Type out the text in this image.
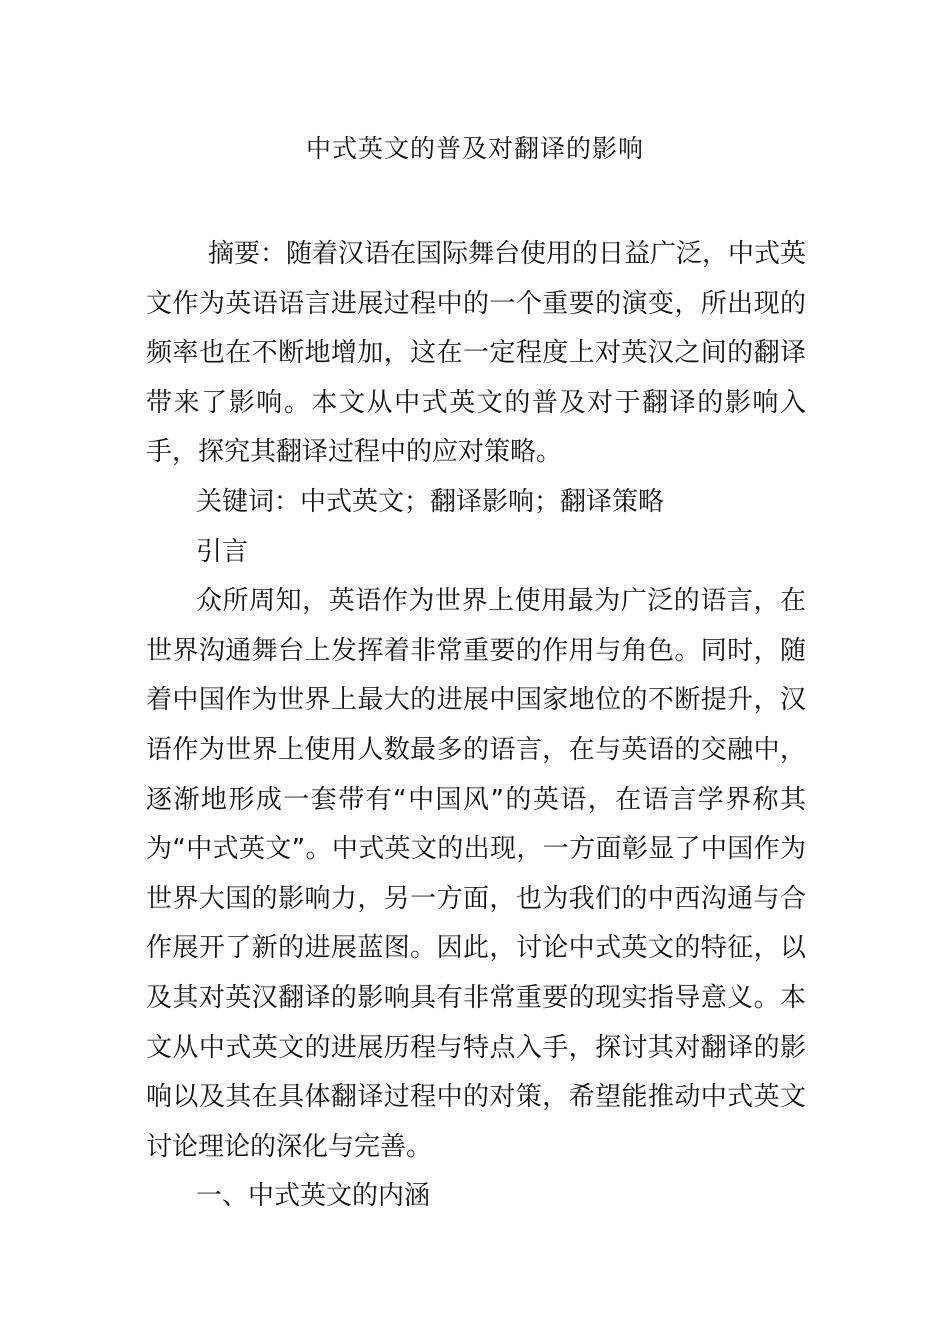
中式英文的普及对翻译的影响

摘要：随着汉语在国际舞台使用的日益广泛，中式英文作为英语语言进展过程中的一个重要的演变，所出现的频率也在不断地增加，这在一定程度上对英汉之间的翻译带来了影响。本文从中式英文的普及对于翻译的影响入手，探究其翻译过程中的应对策略。

关键词：中式英文；翻译影响；翻译策略

引言

众所周知，英语作为世界上使用最为广泛的语言，在世界沟通舞台上发挥着非常重要的作用与角色。同时，随着中国作为世界上最大的进展中国家地位的不断提升，汉语作为世界上使用人数最多的语言，在与英语的交融中，逐渐地形成一套带有“中国风”的英语，在语言学界称其为“中式英文”。中式英文的出现，一方面彰显了中国作为世界大国的影响力，另一方面，也为我们的中西沟通与合作展开了新的进展蓝图。因此，讨论中式英文的特征，以及其对英汉翻译的影响具有非常重要的现实指导意义。本文从中式英文的进展历程与特点入手，探讨其对翻译的影响以及其在具体翻译过程中的对策，希望能推动中式英文讨论理论的深化与完善。

一、中式英文的内涵
